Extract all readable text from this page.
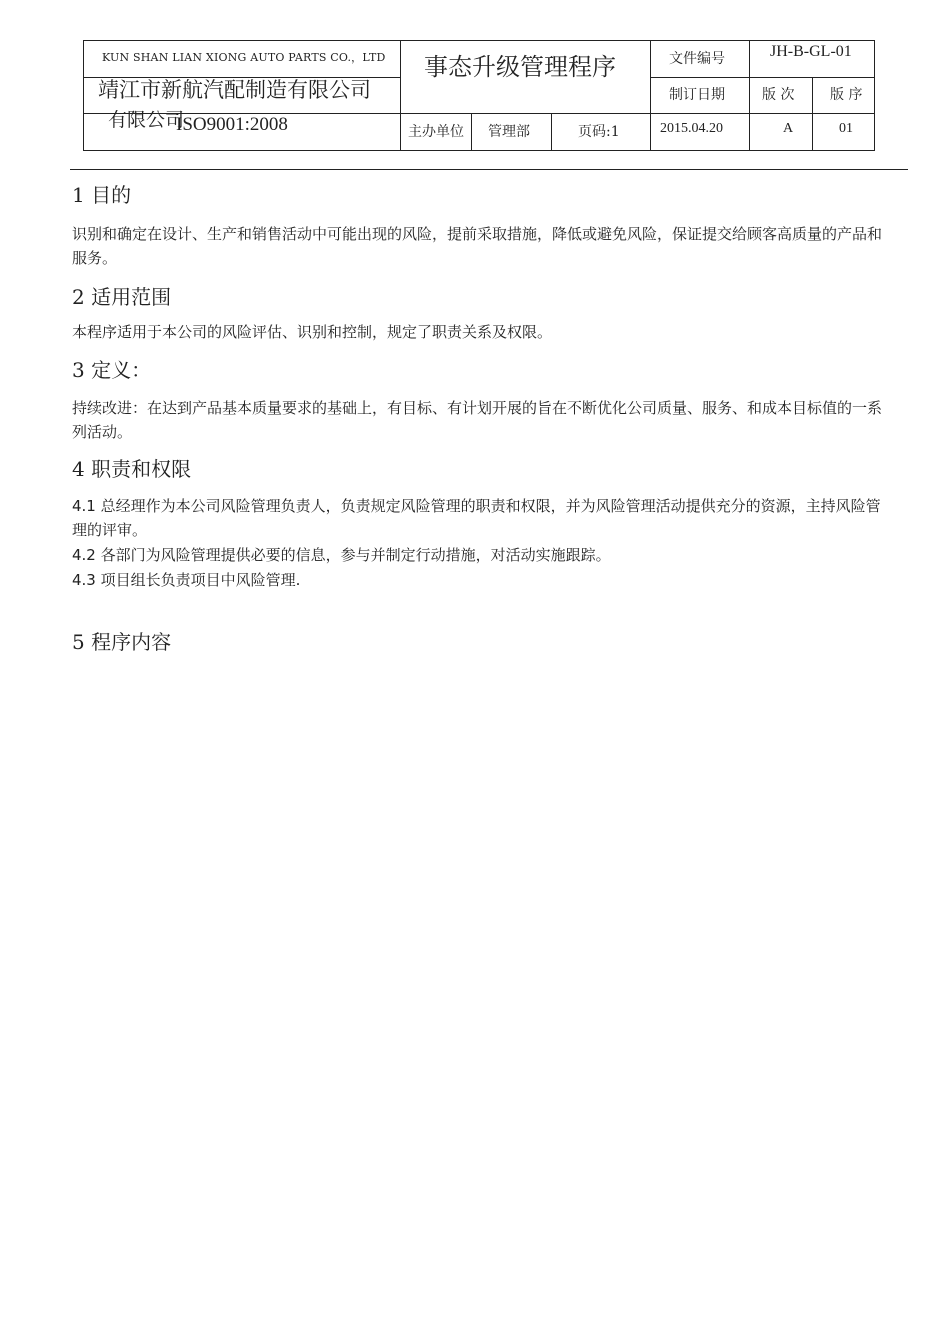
KUN SHAN LIAN XIONG AUTO PARTS CO.，LTD
靖江市新航汽配制造有限公司
有限公司
ISO9001:2008
事态升级管理程序	文件编号	JH-B-GL-01
制订日期	版 次	版 序
主办单位 管理部	页码:1	2015.04.20	A	01
1 目的
识别和确定在设计、生产和销售活动中可能出现的风险，提前采取措施，降低或避免风险，保证提交给顾客高质量的产品和服务。
2 适用范围
本程序适用于本公司的风险评估、识别和控制，规定了职责关系及权限。
3 定义：
持续改进：在达到产品基本质量要求的基础上，有目标、有计划开展的旨在不断优化公司质量、服务、和成本目标值的一系列活动。
4 职责和权限
4.1 总经理作为本公司风险管理负责人，负责规定风险管理的职责和权限，并为风险管理活动提供充分的资源，主持风险管理的评审。
4.2 各部门为风险管理提供必要的信息，参与并制定行动措施，对活动实施跟踪。
4.3 项目组长负责项目中风险管理.
5 程序内容
